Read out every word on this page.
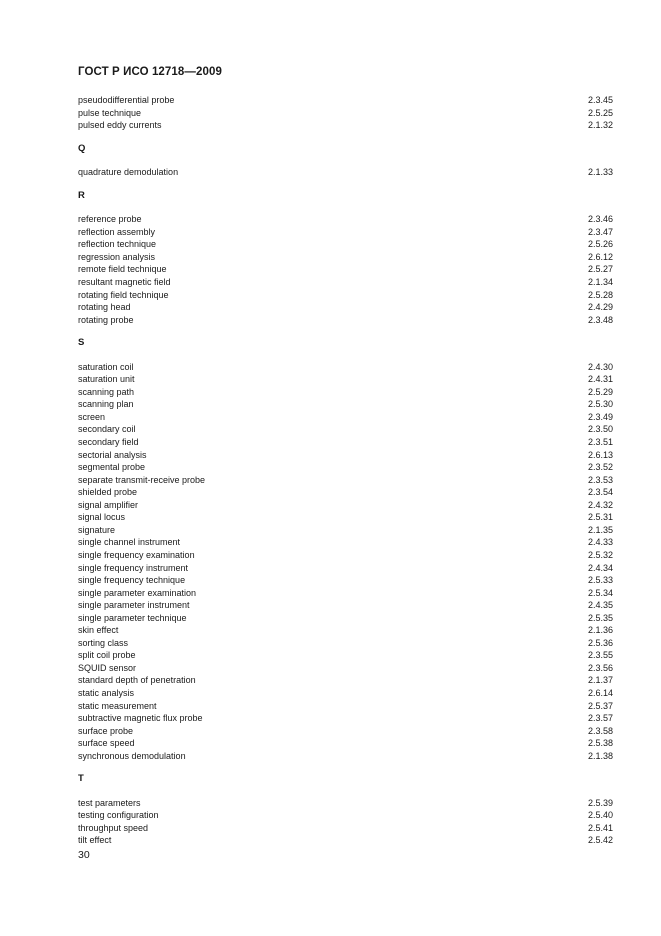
ГОСТ Р ИСО 12718—2009
pseudodifferential probe	2.3.45
pulse technique	2.5.25
pulsed eddy currents	2.1.32
Q
quadrature demodulation	2.1.33
R
reference probe	2.3.46
reflection assembly	2.3.47
reflection technique	2.5.26
regression analysis	2.6.12
remote field technique	2.5.27
resultant magnetic field	2.1.34
rotating field technique	2.5.28
rotating head	2.4.29
rotating probe	2.3.48
S
saturation coil	2.4.30
saturation unit	2.4.31
scanning path	2.5.29
scanning plan	2.5.30
screen	2.3.49
secondary coil	2.3.50
secondary field	2.3.51
sectorial analysis	2.6.13
segmental probe	2.3.52
separate transmit-receive probe	2.3.53
shielded probe	2.3.54
signal amplifier	2.4.32
signal locus	2.5.31
signature	2.1.35
single channel instrument	2.4.33
single frequency examination	2.5.32
single frequency instrument	2.4.34
single frequency technique	2.5.33
single parameter examination	2.5.34
single parameter instrument	2.4.35
single parameter technique	2.5.35
skin effect	2.1.36
sorting class	2.5.36
split coil probe	2.3.55
SQUID sensor	2.3.56
standard depth of penetration	2.1.37
static analysis	2.6.14
static measurement	2.5.37
subtractive magnetic flux probe	2.3.57
surface probe	2.3.58
surface speed	2.5.38
synchronous demodulation	2.1.38
T
test parameters	2.5.39
testing configuration	2.5.40
throughput speed	2.5.41
tilt effect	2.5.42
30
